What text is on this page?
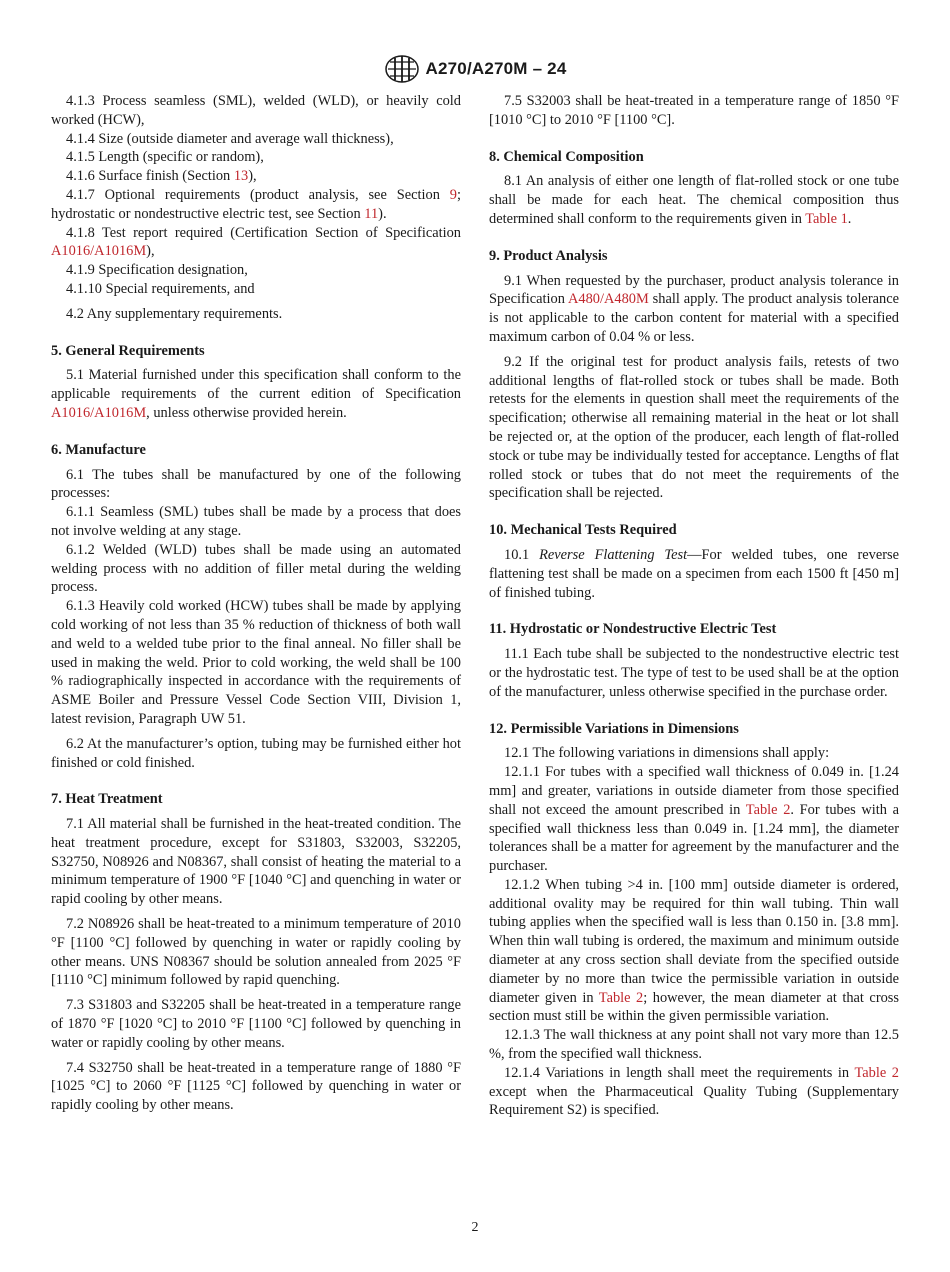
A270/A270M – 24

4.1.3 Process seamless (SML), welded (WLD), or heavily cold worked (HCW),

4.1.4 Size (outside diameter and average wall thickness),

4.1.5 Length (specific or random),

4.1.6 Surface finish (Section 13),

4.1.7 Optional requirements (product analysis, see Section 9; hydrostatic or nondestructive electric test, see Section 11).

4.1.8 Test report required (Certification Section of Specification A1016/A1016M),

4.1.9 Specification designation,

4.1.10 Special requirements, and

4.2 Any supplementary requirements.

5. General Requirements

5.1 Material furnished under this specification shall conform to the applicable requirements of the current edition of Specification A1016/A1016M, unless otherwise provided herein.

6. Manufacture

6.1 The tubes shall be manufactured by one of the following processes:

6.1.1 Seamless (SML) tubes shall be made by a process that does not involve welding at any stage.

6.1.2 Welded (WLD) tubes shall be made using an automated welding process with no addition of filler metal during the welding process.

6.1.3 Heavily cold worked (HCW) tubes shall be made by applying cold working of not less than 35 % reduction of thickness of both wall and weld to a welded tube prior to the final anneal. No filler shall be used in making the weld. Prior to cold working, the weld shall be 100 % radiographically inspected in accordance with the requirements of ASME Boiler and Pressure Vessel Code Section VIII, Division 1, latest revision, Paragraph UW 51.

6.2 At the manufacturer’s option, tubing may be furnished either hot finished or cold finished.

7. Heat Treatment

7.1 All material shall be furnished in the heat-treated condition. The heat treatment procedure, except for S31803, S32003, S32205, S32750, N08926 and N08367, shall consist of heating the material to a minimum temperature of 1900 °F [1040 °C] and quenching in water or rapid cooling by other means.

7.2 N08926 shall be heat-treated to a minimum temperature of 2010 °F [1100 °C] followed by quenching in water or rapidly cooling by other means. UNS N08367 should be solution annealed from 2025 °F [1110 °C] minimum followed by rapid quenching.

7.3 S31803 and S32205 shall be heat-treated in a temperature range of 1870 °F [1020 °C] to 2010 °F [1100 °C] followed by quenching in water or rapidly cooling by other means.

7.4 S32750 shall be heat-treated in a temperature range of 1880 °F [1025 °C] to 2060 °F [1125 °C] followed by quenching in water or rapidly cooling by other means.

7.5 S32003 shall be heat-treated in a temperature range of 1850 °F [1010 °C] to 2010 °F [1100 °C].

8. Chemical Composition

8.1 An analysis of either one length of flat-rolled stock or one tube shall be made for each heat. The chemical composition thus determined shall conform to the requirements given in Table 1.

9. Product Analysis

9.1 When requested by the purchaser, product analysis tolerance in Specification A480/A480M shall apply. The product analysis tolerance is not applicable to the carbon content for material with a specified maximum carbon of 0.04 % or less.

9.2 If the original test for product analysis fails, retests of two additional lengths of flat-rolled stock or tubes shall be made. Both retests for the elements in question shall meet the requirements of the specification; otherwise all remaining material in the heat or lot shall be rejected or, at the option of the producer, each length of flat-rolled stock or tube may be individually tested for acceptance. Lengths of flat rolled stock or tubes that do not meet the requirements of the specification shall be rejected.

10. Mechanical Tests Required

10.1 Reverse Flattening Test—For welded tubes, one reverse flattening test shall be made on a specimen from each 1500 ft [450 m] of finished tubing.

11. Hydrostatic or Nondestructive Electric Test

11.1 Each tube shall be subjected to the nondestructive electric test or the hydrostatic test. The type of test to be used shall be at the option of the manufacturer, unless otherwise specified in the purchase order.

12. Permissible Variations in Dimensions

12.1 The following variations in dimensions shall apply:

12.1.1 For tubes with a specified wall thickness of 0.049 in. [1.24 mm] and greater, variations in outside diameter from those specified shall not exceed the amount prescribed in Table 2. For tubes with a specified wall thickness less than 0.049 in. [1.24 mm], the diameter tolerances shall be a matter for agreement by the manufacturer and the purchaser.

12.1.2 When tubing >4 in. [100 mm] outside diameter is ordered, additional ovality may be required for thin wall tubing. Thin wall tubing applies when the specified wall is less than 0.150 in. [3.8 mm]. When thin wall tubing is ordered, the maximum and minimum outside diameter at any cross section shall deviate from the specified outside diameter by no more than twice the permissible variation in outside diameter given in Table 2; however, the mean diameter at that cross section must still be within the given permissible variation.

12.1.3 The wall thickness at any point shall not vary more than 12.5 %, from the specified wall thickness.

12.1.4 Variations in length shall meet the requirements in Table 2 except when the Pharmaceutical Quality Tubing (Supplementary Requirement S2) is specified.

2
